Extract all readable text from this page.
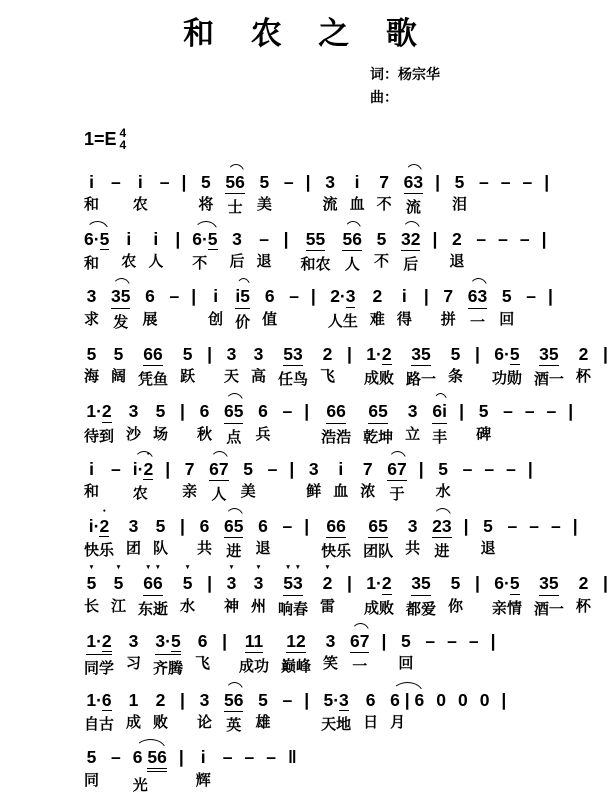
和 农 之 歌
词：杨宗华
曲：
1=E 4
4
i
和
– i
农
– | 5
将
56
士
5
美
– | 3
流
i
血
7
不
63
流
| 5
泪
– – – |
6 · 5
和
i
农
i
人
| 6 · 5
不
3
后
–
退
| 55
和农
56
人
5
不
32
后
| 2
退
– – – |
3
求
35
发
6
展
– | i
创
i5
价
6
值
– | 2 · 3
人生
2
难
i
得
| 7
拼
63
一
5
回
– |
5
海
5
阔
66
凭鱼
5
跃
| 3
天
3
高
53
任鸟
2
飞
| 1 · 2
成败
35
路一
5
条
| 6 · 5
功勋
35
酒一
2
杯
|
1 · 2
待到
3
沙
5
场
| 6
秋
65
点
6
兵
– | 66
浩浩
65
乾坤
3
立
6i
丰
| 5
碑
– – – |
i
和
– i · ● 2
农
| 7
亲
67
人
5
美
– | 3
鲜
i
血
7
浓
67
于
| 5
水
– – – |
i · ● 2
快乐
3
团
5
队
| 6
共
65
进
6
退
– | 66
快乐
65
团队
3
共
23
进
| 5
退
– – – |
▼ 5
长
▼ 5
江
▼ 6 ▼ 6
东逝
▼ 5
水
| ▼ 3
神
▼ 3
州
▼ 5 ▼ 3
响春
▼ 2
雷
| 1 · 2
成败
35
都爱
5
你
| 6 · 5
亲情
35
酒一
2
杯
|
1 · 2
同学
3
习
3 · 5
齐腾
6
飞
| 11
成功
12
巅峰
3
笑
67
一
| 5
回
– – – |
1 · 6
自古
1
成
2
败
| 3
论
56
英
5
雄
– | 5 · 3
天地
6
日
6 | 6
月
0 0 0 |
5
同
– 6
56
光
| i
辉
– – – ‖
